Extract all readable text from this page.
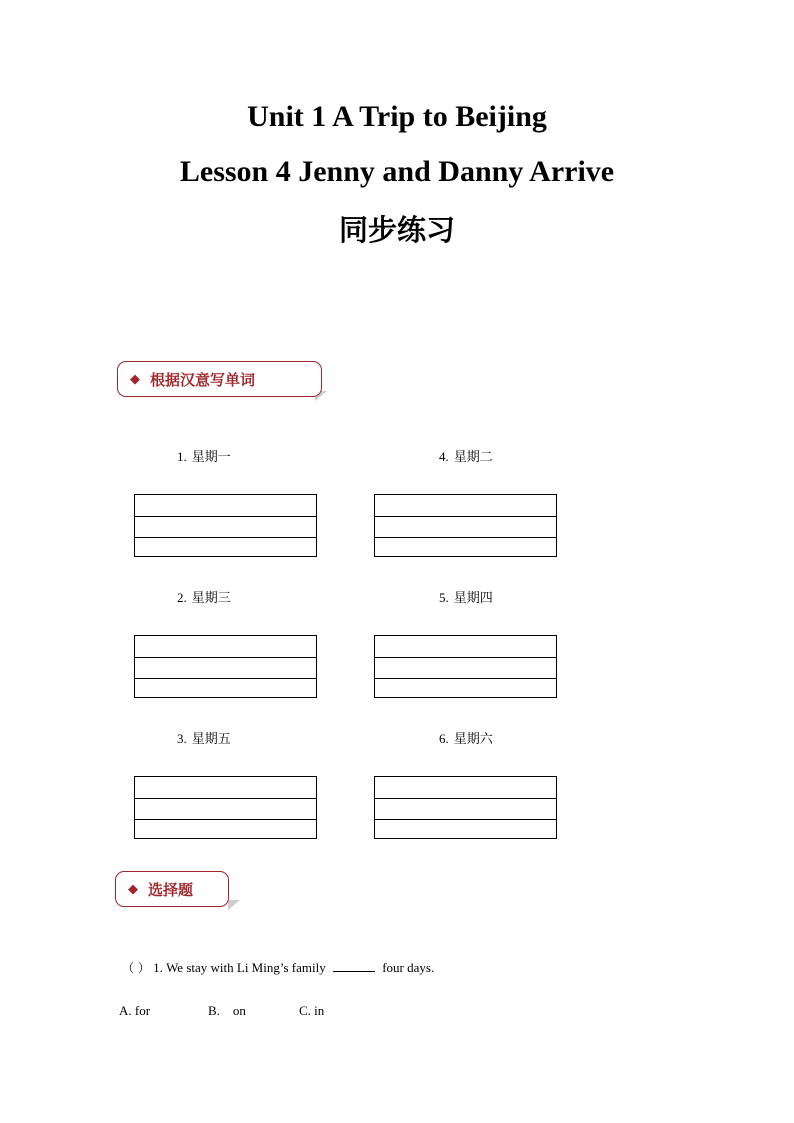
Unit 1 A Trip to Beijing
Lesson 4 Jenny and Danny Arrive
同步练习
◆ 根据汉意写单词
1. 星期一
2. 星期三
3. 星期五
4. 星期二
5. 星期四
6. 星期六
◆ 选择题
（ ） 1. We stay with Li Ming’s family	four days.
A. for	B.    on	C. in
